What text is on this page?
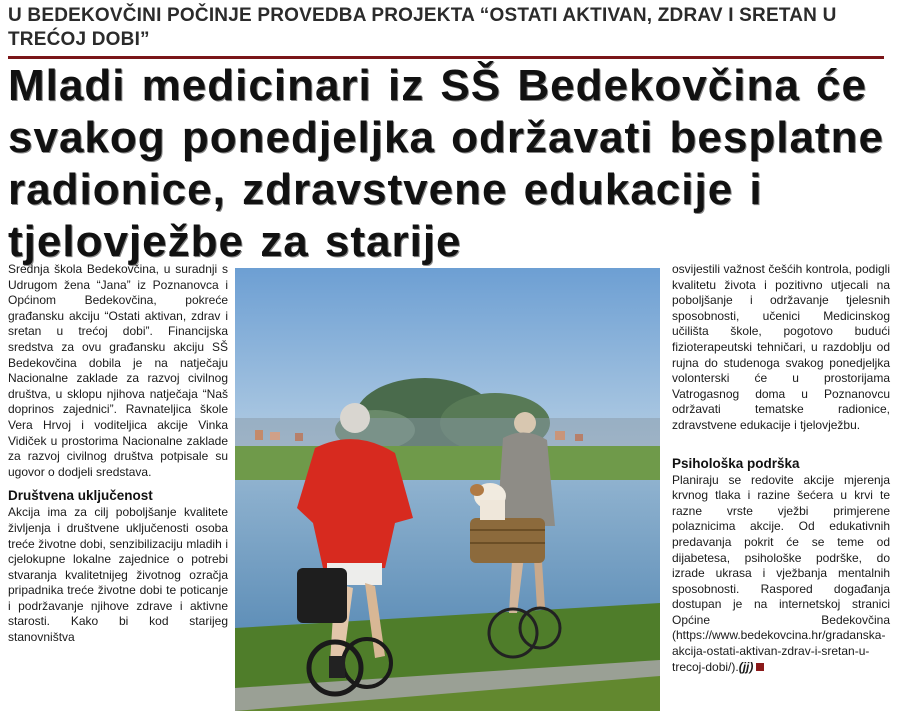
U BEDEKOVČINI POČINJE PROVEDBA PROJEKTA “OSTATI AKTIVAN, ZDRAV I SRETAN U TREĆOJ DOBI”
Mladi medicinari iz SŠ Bedekovčina će svakog ponedjeljka održavati besplatne radionice, zdravstvene edukacije i tjelovježbe za starije

Srednja škola Bedekovčina, u suradnji s Udrugom žena “Jana” iz Poznanovca i Općinom Bedekovčina, pokreće građansku akciju “Ostati aktivan, zdrav i sretan u trećoj dobi”. Financijska sredstva za ovu građansku akciju SŠ Bedekovčina dobila je na natječaju Nacionalne zaklade za razvoj civilnog društva, u sklopu njihova natječaja “Naš doprinos zajednici”. Ravnateljica škole Vera Hrvoj i voditeljica akcije Vinka Vidiček u prostorima Nacionalne zaklade za razvoj civilnog društva potpisale su ugovor o dodjeli sredstava.

Društvena uključenost

Akcija ima za cilj poboljšanje kvalitete življenja i društvene uključenosti osoba treće životne dobi, senzibilizaciju mladih i cjelokupne lokalne zajednice o potrebi stvaranja kvalitetnijeg životnog ozračja pripadnika treće životne dobi te poticanje i podržavanje njihove zdrave i aktivne starosti. Kako bi kod starijeg stanovništva

osvijestili važnost češćih kontrola, podigli kvalitetu života i pozitivno utjecali na poboljšanje i održavanje tjelesnih sposobnosti, učenici Medicinskog učilišta škole, pogotovo budući fizioterapeutski tehničari, u razdoblju od rujna do studenoga svakog ponedjeljka volonterski će u prostorijama Vatrogasnog doma u Poznanovcu održavati tematske radionice, zdravstvene edukacije i tjelovježbu.

Psihološka podrška

Planiraju se redovite akcije mjerenja krvnog tlaka i razine šećera u krvi te razne vrste vježbi primjerene polaznicima akcije. Od edukativnih predavanja pokrit će se teme od dijabetesa, psihološke podrške, do izrade ukrasa i vježbanja mentalnih sposobnosti. Raspored događanja dostupan je na internetskoj stranici Općine Bedekovčina (https://www.bedekovcina.hr/gradanska-akcija-ostati-aktivan-zdrav-i-sretan-u-trecoj-dobi/).(jj)
